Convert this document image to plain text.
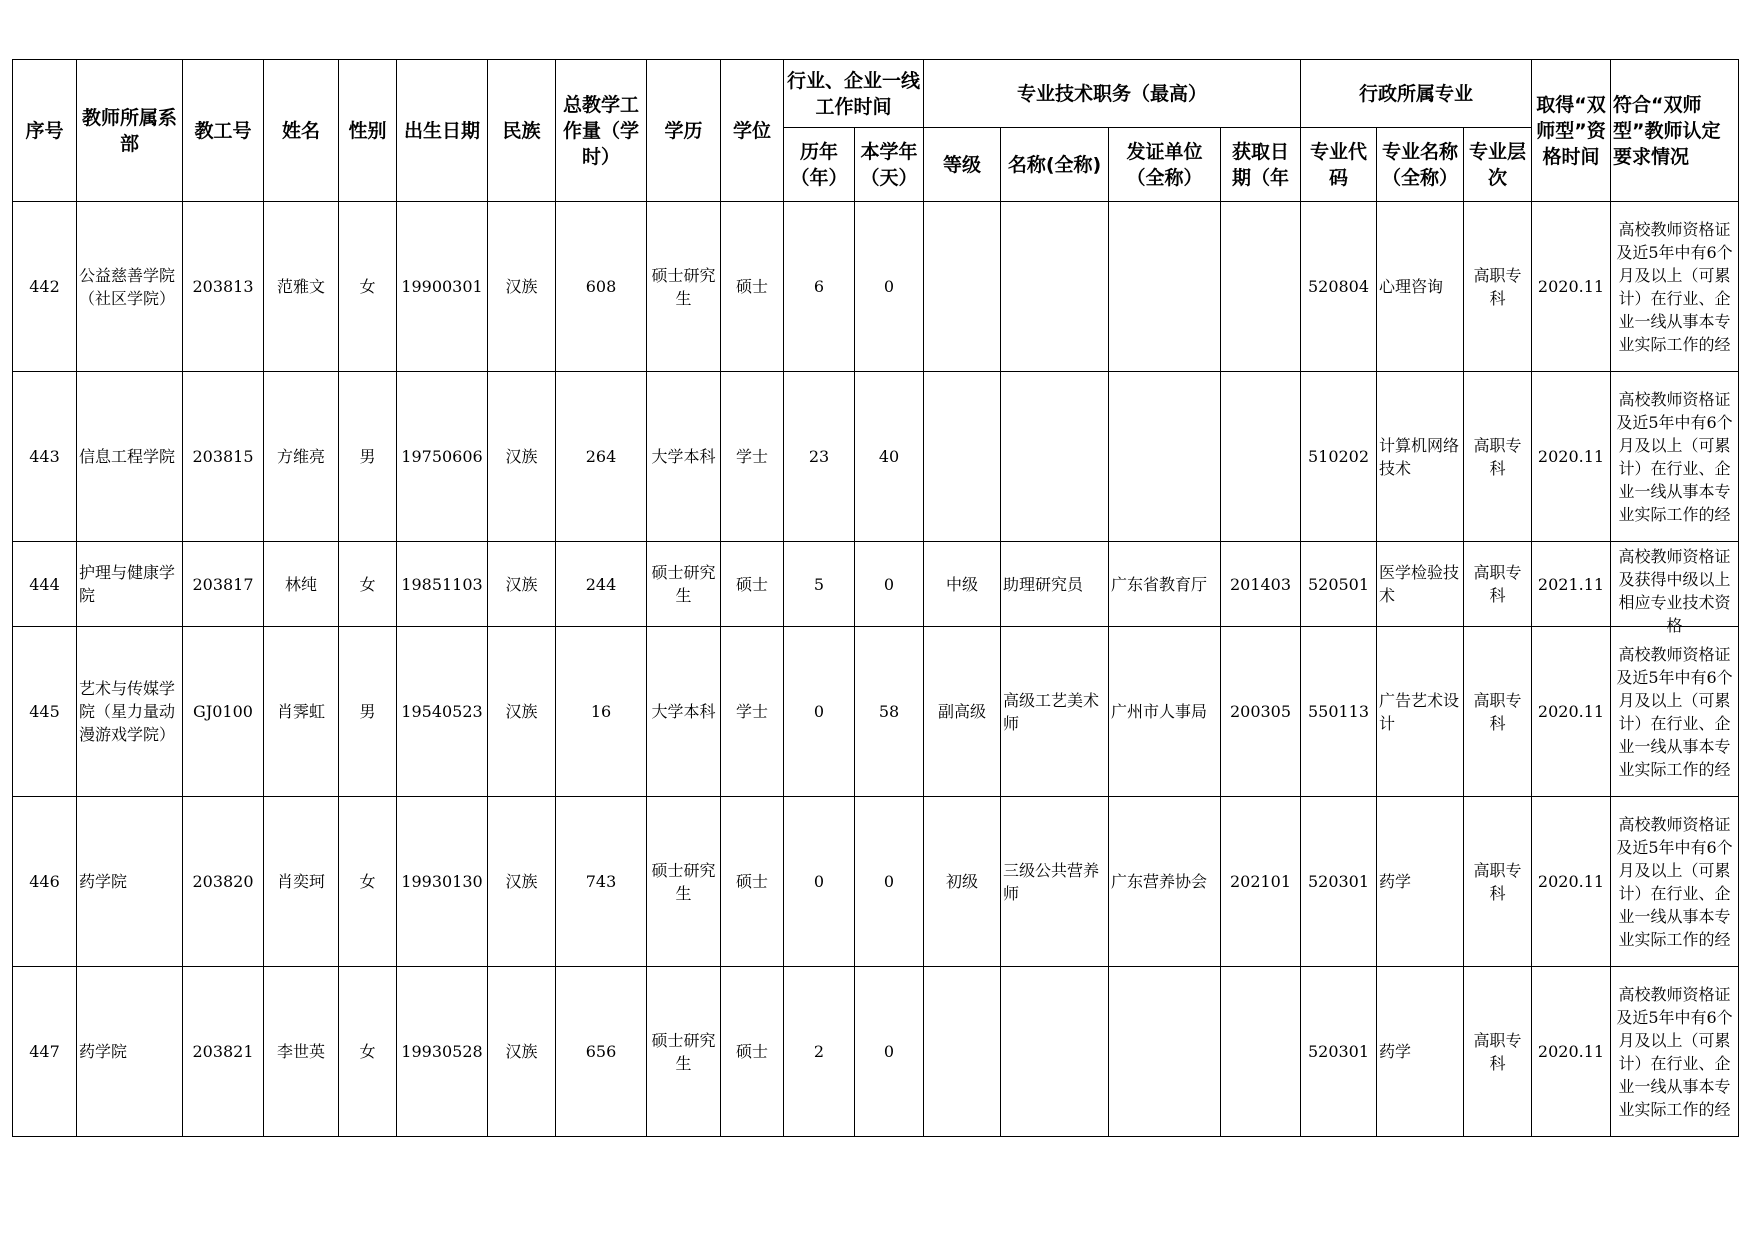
序号	教师所属系部	教工号	姓名	性别	出生日期	民族	总教学工作量（学时）	学历	学位	行业、企业一线工作时间		专业技术职务（最高）				行政所属专业			取得“双师型”资格时间	符合“双师型”教师认定要求情况
										历年（年）	本学年（天）	等级	名称(全称)	发证单位（全称）	获取日期（年	专业代码	专业名称（全称）	专业层次		
442	公益慈善学院（社区学院）	203813	范雅文	女	19900301	汉族	608	硕士研究生	硕士	6	0					520804	心理咨询	高职专科	2020.11	高校教师资格证及近5年中有6个月及以上（可累计）在行业、企业一线从事本专业实际工作的经

443	信息工程学院	203815	方维亮	男	19750606	汉族	264	大学本科	学士	23	40					510202	计算机网络技术	高职专科	2020.11	高校教师资格证及近5年中有6个月及以上（可累计）在行业、企业一线从事本专业实际工作的经

444	护理与健康学院	203817	林纯	女	19851103	汉族	244	硕士研究生	硕士	5	0	中级	助理研究员	广东省教育厅	201403	520501	医学检验技术	高职专科	2021.11	高校教师资格证及获得中级以上相应专业技术资格

445	艺术与传媒学院（星力量动漫游戏学院）	GJ0100	肖霁虹	男	19540523	汉族	16	大学本科	学士	0	58	副高级	高级工艺美术师	广州市人事局	200305	550113	广告艺术设计	高职专科	2020.11	高校教师资格证及近5年中有6个月及以上（可累计）在行业、企业一线从事本专业实际工作的经

446	药学院	203820	肖奕珂	女	19930130	汉族	743	硕士研究生	硕士	0	0	初级	三级公共营养师	广东营养协会	202101	520301	药学	高职专科	2020.11	高校教师资格证及近5年中有6个月及以上（可累计）在行业、企业一线从事本专业实际工作的经

447	药学院	203821	李世英	女	19930528	汉族	656	硕士研究生	硕士	2	0					520301	药学	高职专科	2020.11	高校教师资格证及近5年中有6个月及以上（可累计）在行业、企业一线从事本专业实际工作的经
